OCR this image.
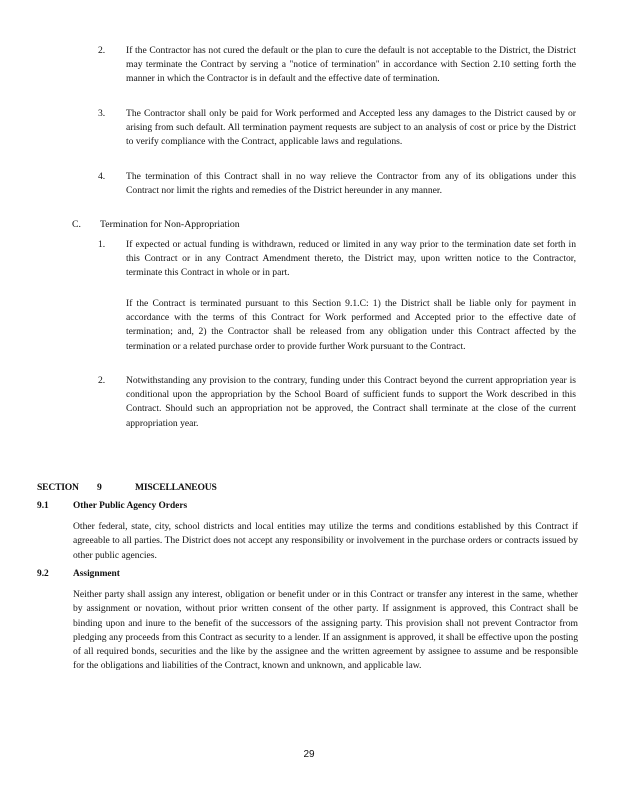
2. If the Contractor has not cured the default or the plan to cure the default is not acceptable to the District, the District may terminate the Contract by serving a "notice of termination" in accordance with Section 2.10 setting forth the manner in which the Contractor is in default and the effective date of termination.
3. The Contractor shall only be paid for Work performed and Accepted less any damages to the District caused by or arising from such default. All termination payment requests are subject to an analysis of cost or price by the District to verify compliance with the Contract, applicable laws and regulations.
4. The termination of this Contract shall in no way relieve the Contractor from any of its obligations under this Contract nor limit the rights and remedies of the District hereunder in any manner.
C. Termination for Non-Appropriation
1. If expected or actual funding is withdrawn, reduced or limited in any way prior to the termination date set forth in this Contract or in any Contract Amendment thereto, the District may, upon written notice to the Contractor, terminate this Contract in whole or in part.
If the Contract is terminated pursuant to this Section 9.1.C: 1) the District shall be liable only for payment in accordance with the terms of this Contract for Work performed and Accepted prior to the effective date of termination; and, 2) the Contractor shall be released from any obligation under this Contract affected by the termination or a related purchase order to provide further Work pursuant to the Contract.
2. Notwithstanding any provision to the contrary, funding under this Contract beyond the current appropriation year is conditional upon the appropriation by the School Board of sufficient funds to support the Work described in this Contract. Should such an appropriation not be approved, the Contract shall terminate at the close of the current appropriation year.
SECTION 9	MISCELLANEOUS
9.1	Other Public Agency Orders
Other federal, state, city, school districts and local entities may utilize the terms and conditions established by this Contract if agreeable to all parties. The District does not accept any responsibility or involvement in the purchase orders or contracts issued by other public agencies.
9.2	Assignment
Neither party shall assign any interest, obligation or benefit under or in this Contract or transfer any interest in the same, whether by assignment or novation, without prior written consent of the other party. If assignment is approved, this Contract shall be binding upon and inure to the benefit of the successors of the assigning party. This provision shall not prevent Contractor from pledging any proceeds from this Contract as security to a lender. If an assignment is approved, it shall be effective upon the posting of all required bonds, securities and the like by the assignee and the written agreement by assignee to assume and be responsible for the obligations and liabilities of the Contract, known and unknown, and applicable law.
29
